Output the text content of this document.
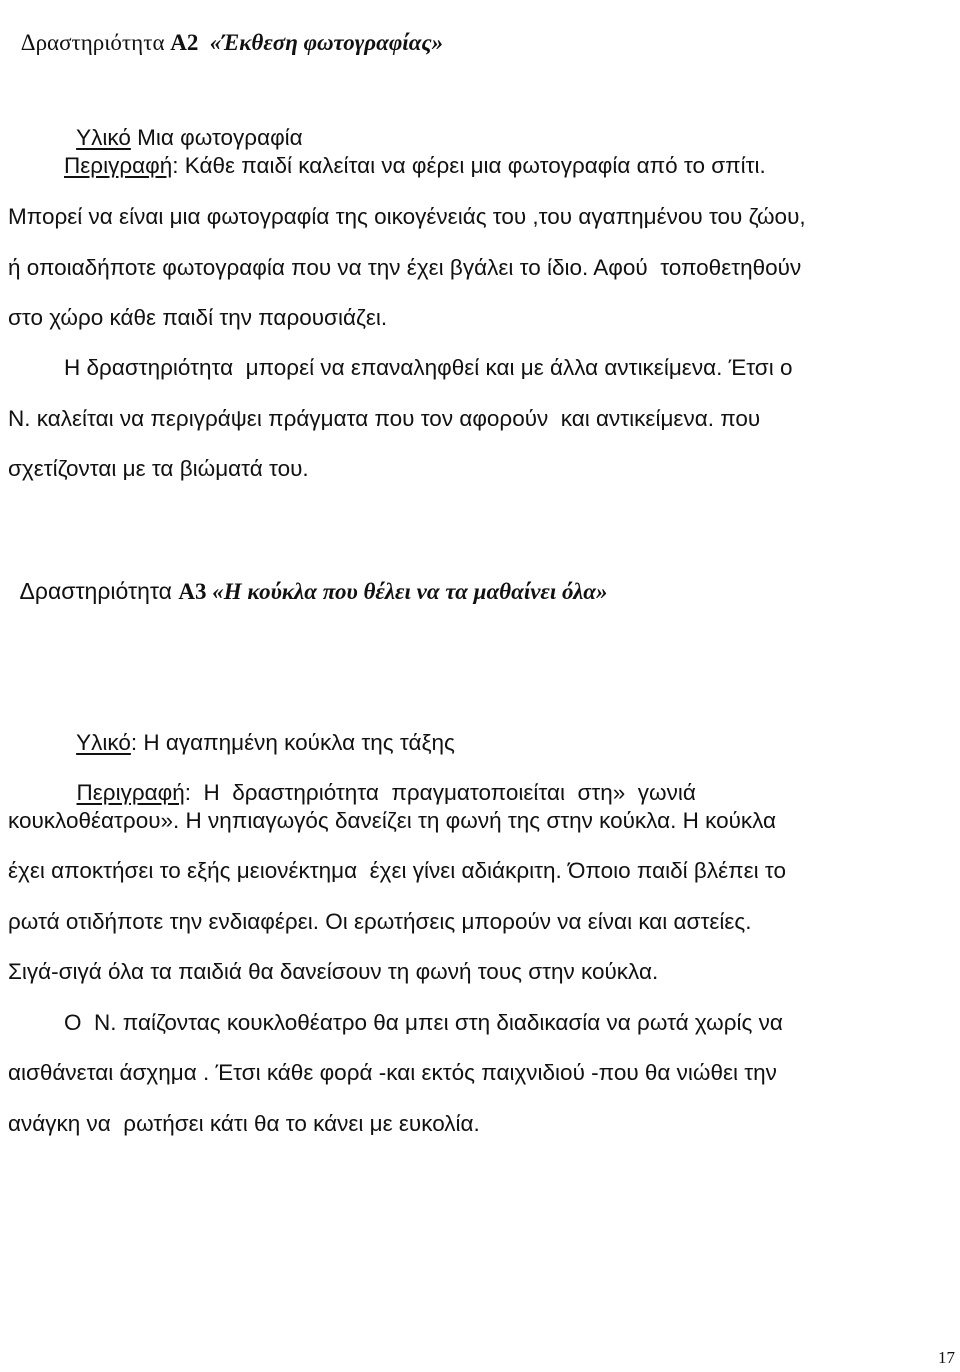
Δραστηριότητα Α2 «Έκθεση φωτογραφίας»

Υλικό Μια φωτογραφία

Περιγραφή: Κάθε παιδί καλείται να φέρει μια φωτογραφία από το σπίτι.
Μπορεί να είναι μια φωτογραφία της οικογένειάς του ,του αγαπημένου του ζώου,
ή οποιαδήποτε φωτογραφία που να την έχει βγάλει το ίδιο. Αφού  τοποθετηθούν
στο χώρο κάθε παιδί την παρουσιάζει.
Η δραστηριότητα  μπορεί να επαναληφθεί και με άλλα αντικείμενα. Έτσι ο
Ν. καλείται να περιγράψει πράγματα που τον αφορούν  και αντικείμενα. που
σχετίζονται με τα βιώματά του.

Δραστηριότητα Α3 «Η κούκλα που θέλει να τα μαθαίνει όλα»

Υλικό: Η αγαπημένη κούκλα της τάξης

Περιγραφή:  Η  δραστηριότητα  πραγματοποιείται  στη»  γωνιά

κουκλοθέατρου». Η νηπιαγωγός δανείζει τη φωνή της στην κούκλα. Η κούκλα
έχει αποκτήσει το εξής μειονέκτημα  έχει γίνει αδιάκριτη. Όποιο παιδί βλέπει το
ρωτά οτιδήποτε την ενδιαφέρει. Οι ερωτήσεις μπορούν να είναι και αστείες.
Σιγά-σιγά όλα τα παιδιά θα δανείσουν τη φωνή τους στην κούκλα.
Ο  Ν. παίζοντας κουκλοθέατρο θα μπει στη διαδικασία να ρωτά χωρίς να
αισθάνεται άσχημα . Έτσι κάθε φορά -και εκτός παιχνιδιού -που θα νιώθει την
ανάγκη να  ρωτήσει κάτι θα το κάνει με ευκολία.
17
